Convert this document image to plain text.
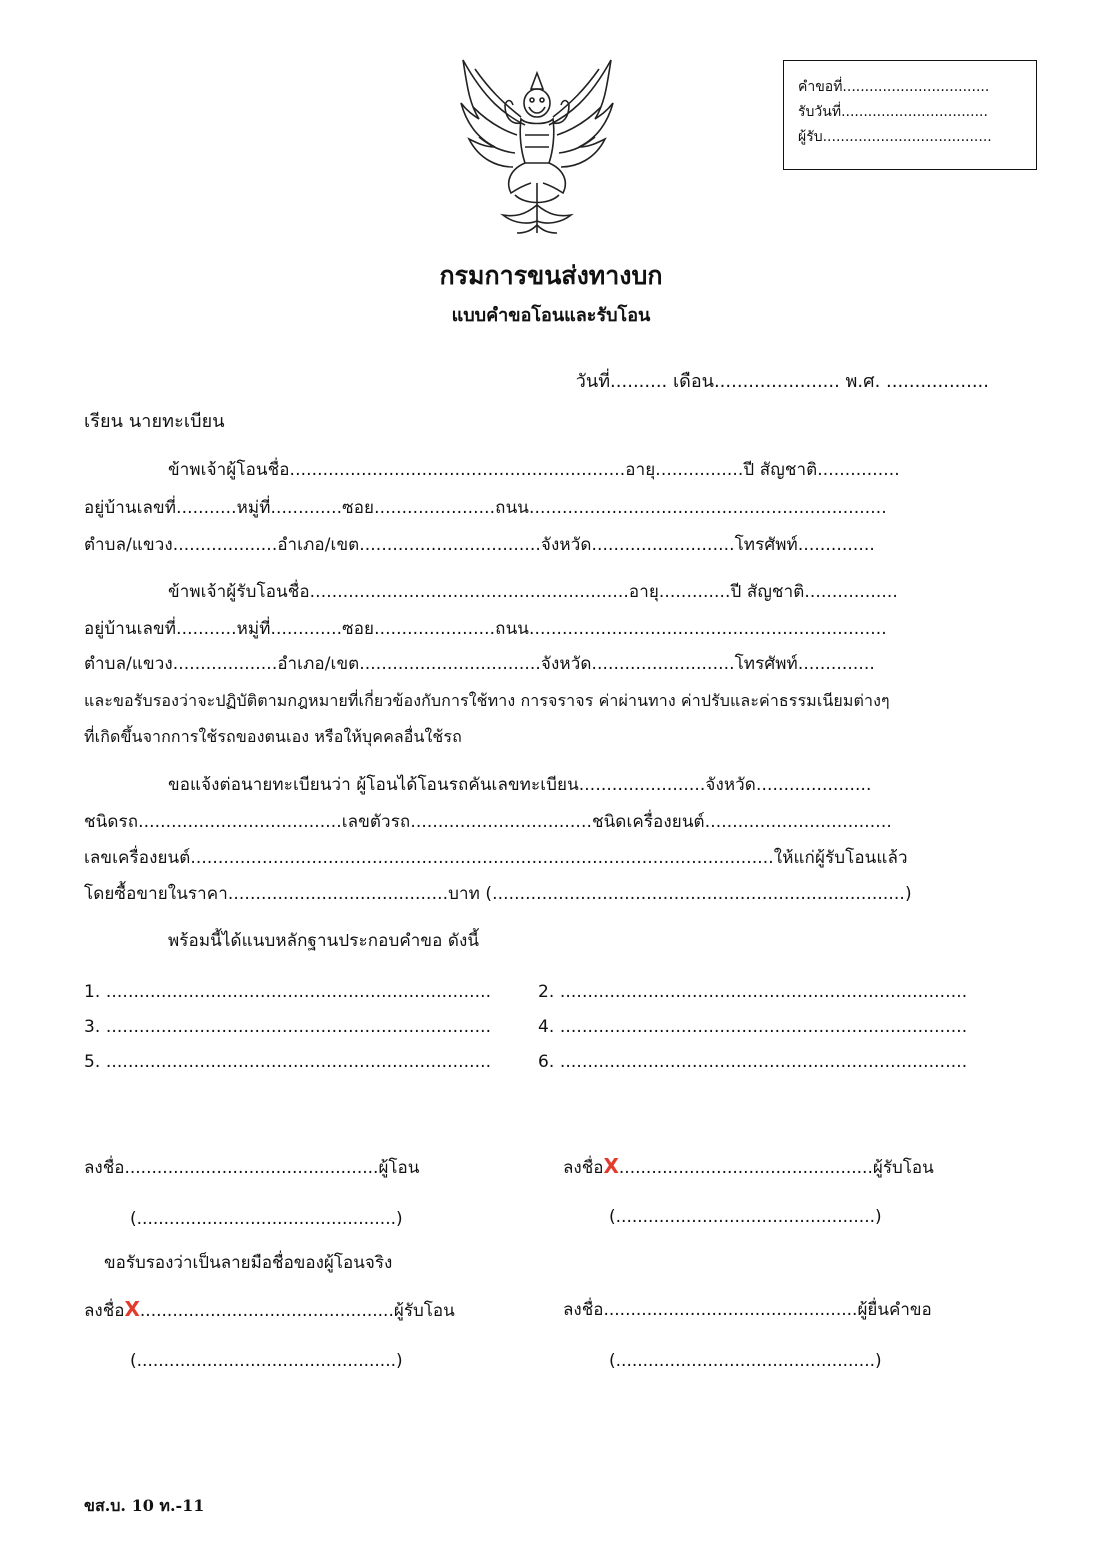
คำขอที่.................................
รับวันที่.................................
ผู้รับ......................................
กรมการขนส่งทางบก
แบบคำขอโอนและรับโอน
วันที่.......... เดือน...................... พ.ศ. ..................
เรียน นายทะเบียน
ข้าพเจ้าผู้โอนชื่อ.............................................................อายุ................ปี สัญชาติ...............
อยู่บ้านเลขที่...........หมู่ที่.............ซอย......................ถนน.................................................................
ตำบล/แขวง...................อำเภอ/เขต.................................จังหวัด..........................โทรศัพท์..............
ข้าพเจ้าผู้รับโอนชื่อ..........................................................อายุ.............ปี สัญชาติ.................
อยู่บ้านเลขที่...........หมู่ที่.............ซอย......................ถนน.................................................................
ตำบล/แขวง...................อำเภอ/เขต.................................จังหวัด..........................โทรศัพท์..............
และขอรับรองว่าจะปฏิบัติตามกฎหมายที่เกี่ยวข้องกับการใช้ทาง การจราจร ค่าผ่านทาง ค่าปรับและค่าธรรมเนียมต่างๆ
ที่เกิดขึ้นจากการใช้รถของตนเอง หรือให้บุคคลอื่นใช้รถ
ขอแจ้งต่อนายทะเบียนว่า ผู้โอนได้โอนรถคันเลขทะเบียน.......................จังหวัด.....................
ชนิดรถ.....................................เลขตัวรถ.................................ชนิดเครื่องยนต์..................................
เลขเครื่องยนต์..........................................................................................................ให้แก่ผู้รับโอนแล้ว
โดยซื้อขายในราคา........................................บาท (...........................................................................)
พร้อมนี้ได้แนบหลักฐานประกอบคำขอ ดังนี้
1. ......................................................................	2. ..........................................................................
3. ......................................................................	4. ..........................................................................
5. ......................................................................	6. ..........................................................................
ลงชื่อ...............................................ผู้โอน	ลงชื่อX...............................................ผู้รับโอน
(................................................)	(................................................)
ขอรับรองว่าเป็นลายมือชื่อของผู้โอนจริง
ลงชื่อX...............................................ผู้รับโอน	ลงชื่อ...............................................ผู้ยื่นคำขอ
(................................................)	(................................................)
ขส.บ. 10 ท.-11
